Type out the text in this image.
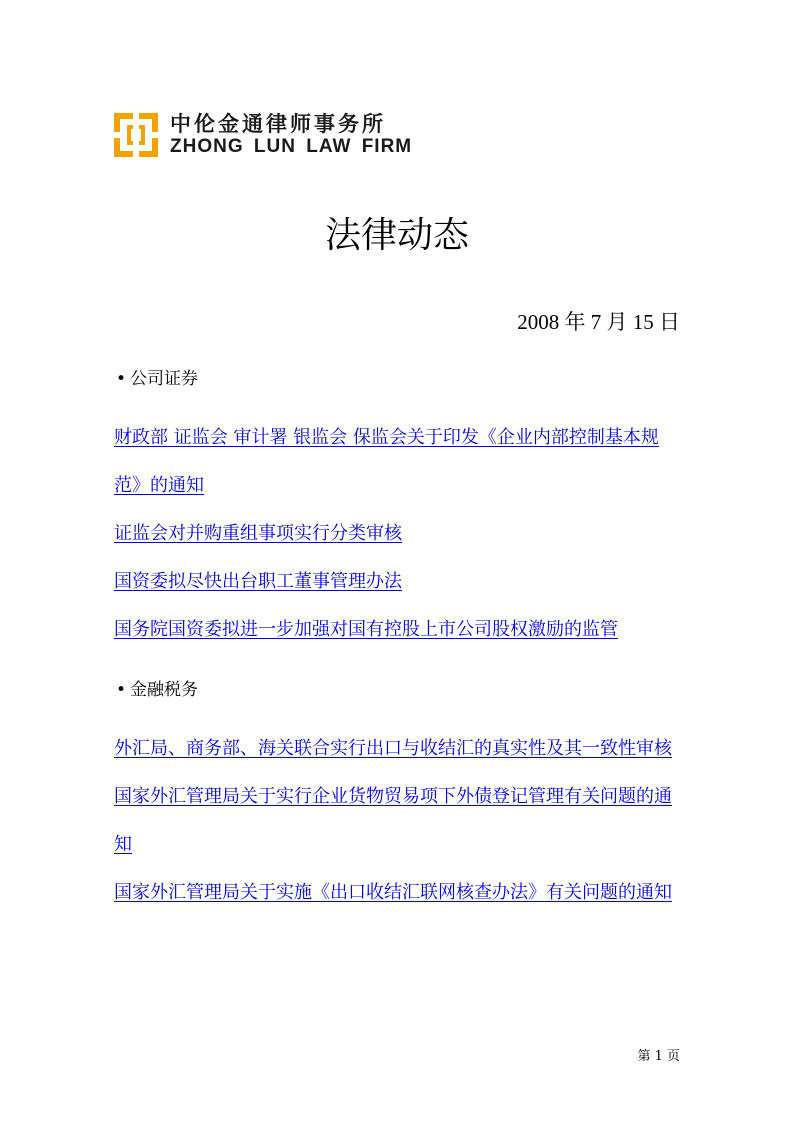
中伦金通律师事务所
ZHONG LUN LAW FIRM
法律动态
2008 年 7 月 15 日
• 公司证券
财政部 证监会 审计署 银监会 保监会关于印发《企业内部控制基本规范》的通知
证监会对并购重组事项实行分类审核
国资委拟尽快出台职工董事管理办法
国务院国资委拟进一步加强对国有控股上市公司股权激励的监管
• 金融税务
外汇局、商务部、海关联合实行出口与收结汇的真实性及其一致性审核
国家外汇管理局关于实行企业货物贸易项下外债登记管理有关问题的通知
国家外汇管理局关于实施《出口收结汇联网核查办法》有关问题的通知
第 1 页
